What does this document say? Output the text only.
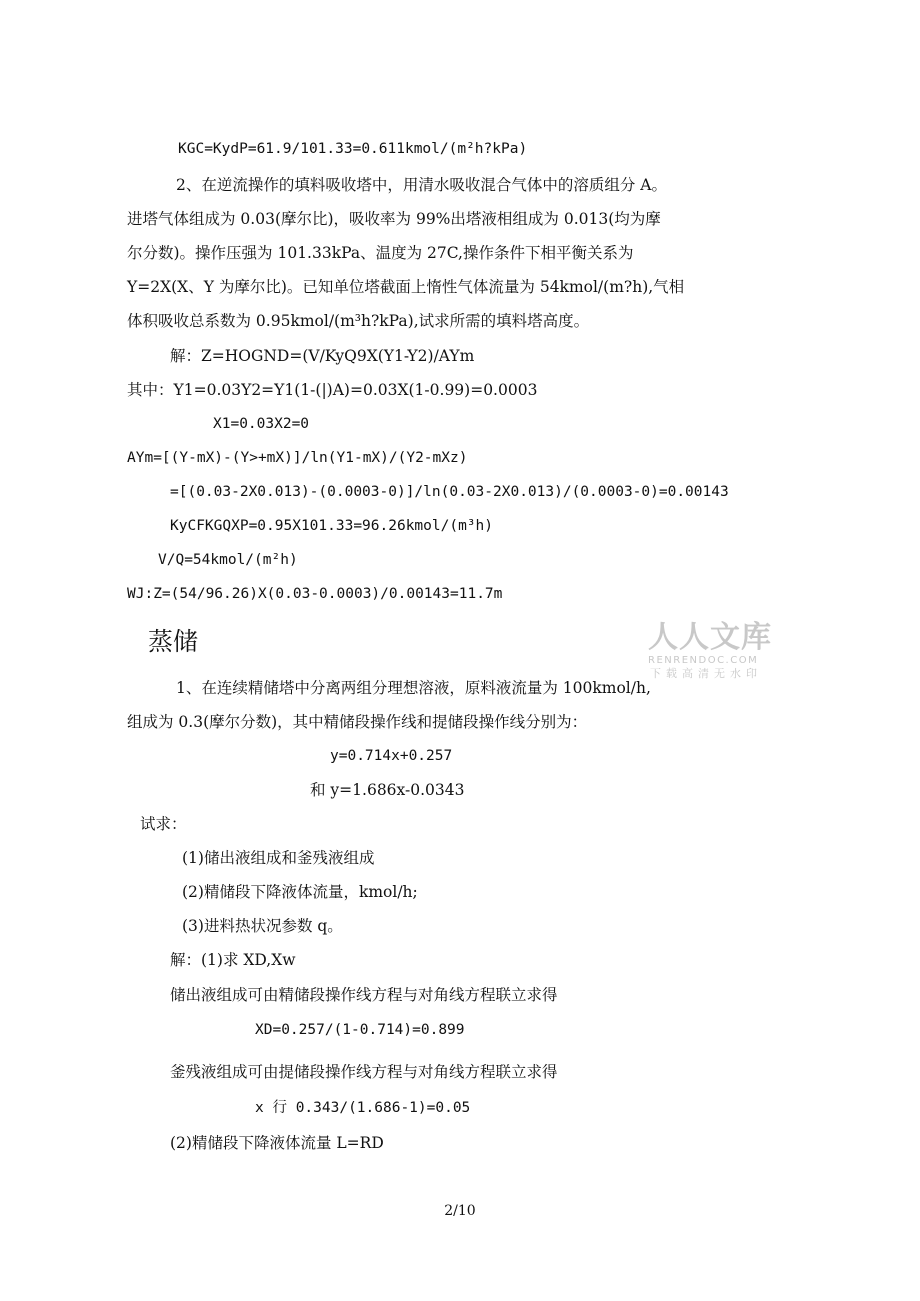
KGC=KydP=61.9/101.33=0.611kmol/(m²h?kPa)
2、在逆流操作的填料吸收塔中，用清水吸收混合气体中的溶质组分 A。
进塔气体组成为 0.03(摩尔比)，吸收率为 99%出塔液相组成为 0.013(均为摩
尔分数)。操作压强为 101.33kPa、温度为 27C,操作条件下相平衡关系为
Y=2X(X、Y 为摩尔比)。已知单位塔截面上惰性气体流量为 54kmol/(m?h),气相
体积吸收总系数为 0.95kmol/(m³h?kPa),试求所需的填料塔高度。
解：Z=HOGND=(V/KyQ9X(Y1-Y2)/AYm
其中：Y1=0.03Y2=Y1(1-(|)A)=0.03X(1-0.99)=0.0003
X1=0.03X2=0
AYm=[(Y-mX)-(Y>+mX)]/ln(Y1-mX)/(Y2-mXz)
=[(0.03-2X0.013)-(0.0003-0)]/ln(0.03-2X0.013)/(0.0003-0)=0.00143
KyCFKGQXP=0.95X101.33=96.26kmol/(m³h)
V/Q=54kmol/(m²h)
WJ:Z=(54/96.26)X(0.03-0.0003)/0.00143=11.7m
蒸储	人人文库
RENRENDOC.COM
下载高清无水印
1、在连续精储塔中分离两组分理想溶液，原料液流量为 100kmol/h,
组成为 0.3(摩尔分数)，其中精储段操作线和提储段操作线分别为：
y=0.714x+0.257
和 y=1.686x-0.0343
试求：
(1)储出液组成和釜残液组成
(2)精储段下降液体流量，kmol/h;
(3)进料热状况参数 q。
解：(1)求 XD,Xw
储出液组成可由精储段操作线方程与对角线方程联立求得
XD=0.257/(1-0.714)=0.899
釜残液组成可由提储段操作线方程与对角线方程联立求得
x 行 0.343/(1.686-1)=0.05
(2)精储段下降液体流量 L=RD
2/10
